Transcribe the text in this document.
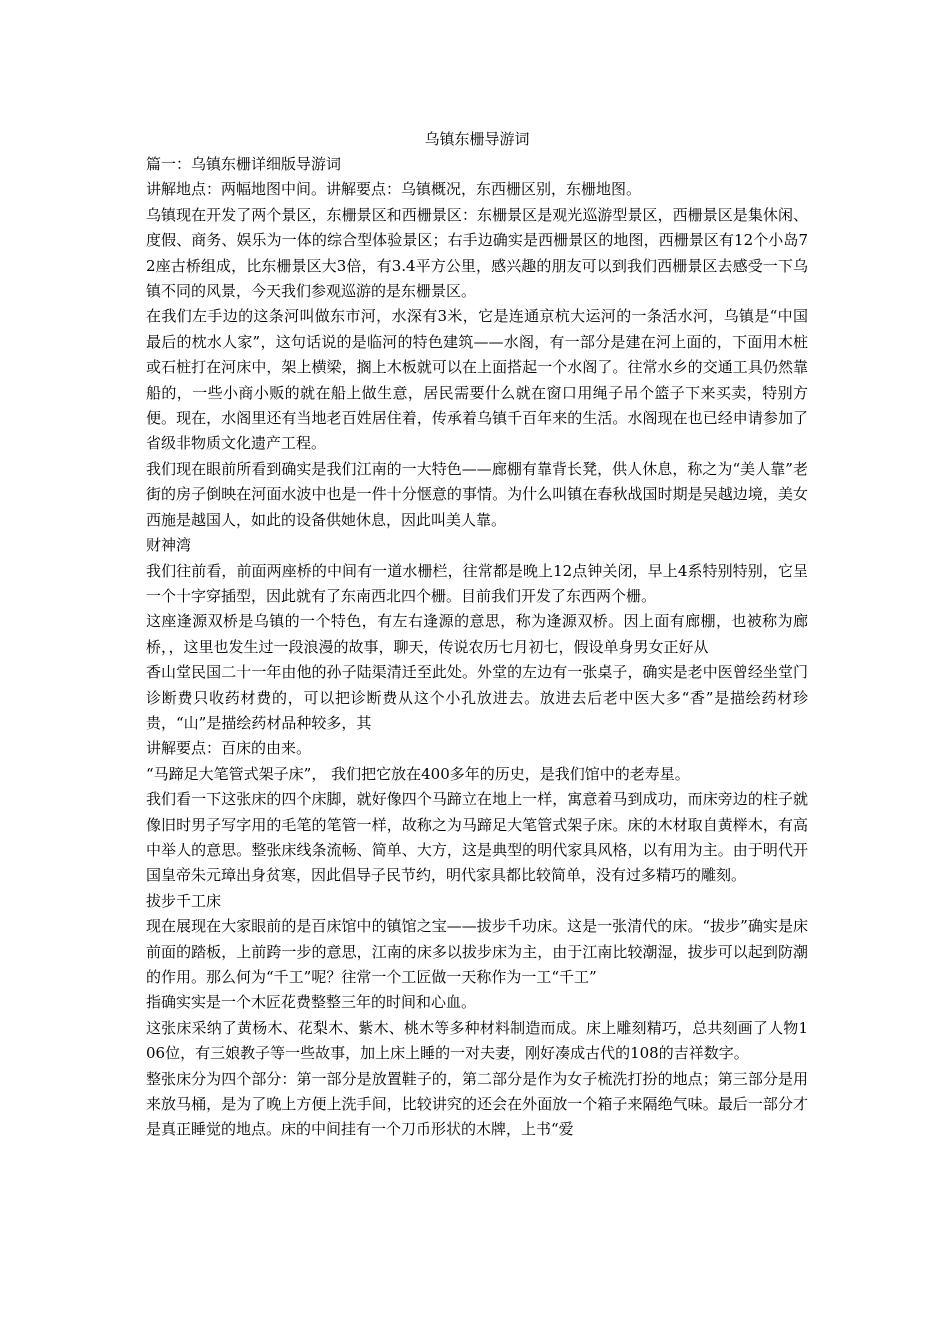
乌镇东栅导游词

篇一：乌镇东栅详细版导游词

讲解地点：两幅地图中间。讲解要点：乌镇概况，东西栅区别，东栅地图。

乌镇现在开发了两个景区，东栅景区和西栅景区：东栅景区是观光巡游型景区，西栅景区是集休闲、度假、商务、娱乐为一体的综合型体验景区；右手边确实是西栅景区的地图，西栅景区有12个小岛72座古桥组成，比东栅景区大3倍，有3.4平方公里，感兴趣的朋友可以到我们西栅景区去感受一下乌镇不同的风景，今天我们参观巡游的是东栅景区。

在我们左手边的这条河叫做东市河，水深有3米，它是连通京杭大运河的一条活水河，乌镇是“中国最后的枕水人家”，这句话说的是临河的特色建筑——水阁，有一部分是建在河上面的，下面用木桩或石桩打在河床中，架上横梁，搁上木板就可以在上面搭起一个水阁了。往常水乡的交通工具仍然靠船的，一些小商小贩的就在船上做生意，居民需要什么就在窗口用绳子吊个篮子下来买卖，特别方便。现在，水阁里还有当地老百姓居住着，传承着乌镇千百年来的生活。水阁现在也已经申请参加了省级非物质文化遗产工程。

我们现在眼前所看到确实是我们江南的一大特色——廊棚有靠背长凳，供人休息，称之为“美人靠”老街的房子倒映在河面水波中也是一件十分惬意的事情。为什么叫镇在春秋战国时期是吴越边境，美女西施是越国人，如此的设备供她休息，因此叫美人靠。

财神湾

我们往前看，前面两座桥的中间有一道水栅栏，往常都是晚上12点钟关闭，早上4系特别特别，它呈一个十字穿插型，因此就有了东南西北四个栅。目前我们开发了东西两个栅。

这座逢源双桥是乌镇的一个特色，有左右逢源的意思，称为逢源双桥。因上面有廊棚，也被称为廊桥，，这里也发生过一段浪漫的故事，聊天，传说农历七月初七，假设单身男女正好从

香山堂民国二十一年由他的孙子陆渠清迁至此处。外堂的左边有一张桌子，确实是老中医曾经坐堂门诊断费只收药材费的，可以把诊断费从这个小孔放进去。放进去后老中医大多“香”是描绘药材珍贵，“山”是描绘药材品种较多，其

讲解要点：百床的由来。

“马蹄足大笔管式架子床”， 我们把它放在400多年的历史，是我们馆中的老寿星。

我们看一下这张床的四个床脚，就好像四个马蹄立在地上一样，寓意着马到成功，而床旁边的柱子就像旧时男子写字用的毛笔的笔管一样，故称之为马蹄足大笔管式架子床。床的木材取自黄榉木，有高中举人的意思。整张床线条流畅、简单、大方，这是典型的明代家具风格，以有用为主。由于明代开国皇帝朱元璋出身贫寒，因此倡导子民节约，明代家具都比较简单，没有过多精巧的雕刻。

拔步千工床

现在展现在大家眼前的是百床馆中的镇馆之宝——拔步千功床。这是一张清代的床。“拔步”确实是床前面的踏板，上前跨一步的意思，江南的床多以拔步床为主，由于江南比较潮湿，拔步可以起到防潮的作用。那么何为“千工”呢？往常一个工匠做一天称作为一工“千工”

指确实实是一个木匠花费整整三年的时间和心血。

这张床采纳了黄杨木、花梨木、紫木、桃木等多种材料制造而成。床上雕刻精巧，总共刻画了人物106位，有三娘教子等一些故事，加上床上睡的一对夫妻，刚好凑成古代的108的吉祥数字。

整张床分为四个部分：第一部分是放置鞋子的，第二部分是作为女子梳洗打扮的地点；第三部分是用来放马桶，是为了晚上方便上洗手间，比较讲究的还会在外面放一个箱子来隔绝气味。最后一部分才是真正睡觉的地点。床的中间挂有一个刀币形状的木牌，上书“爱
